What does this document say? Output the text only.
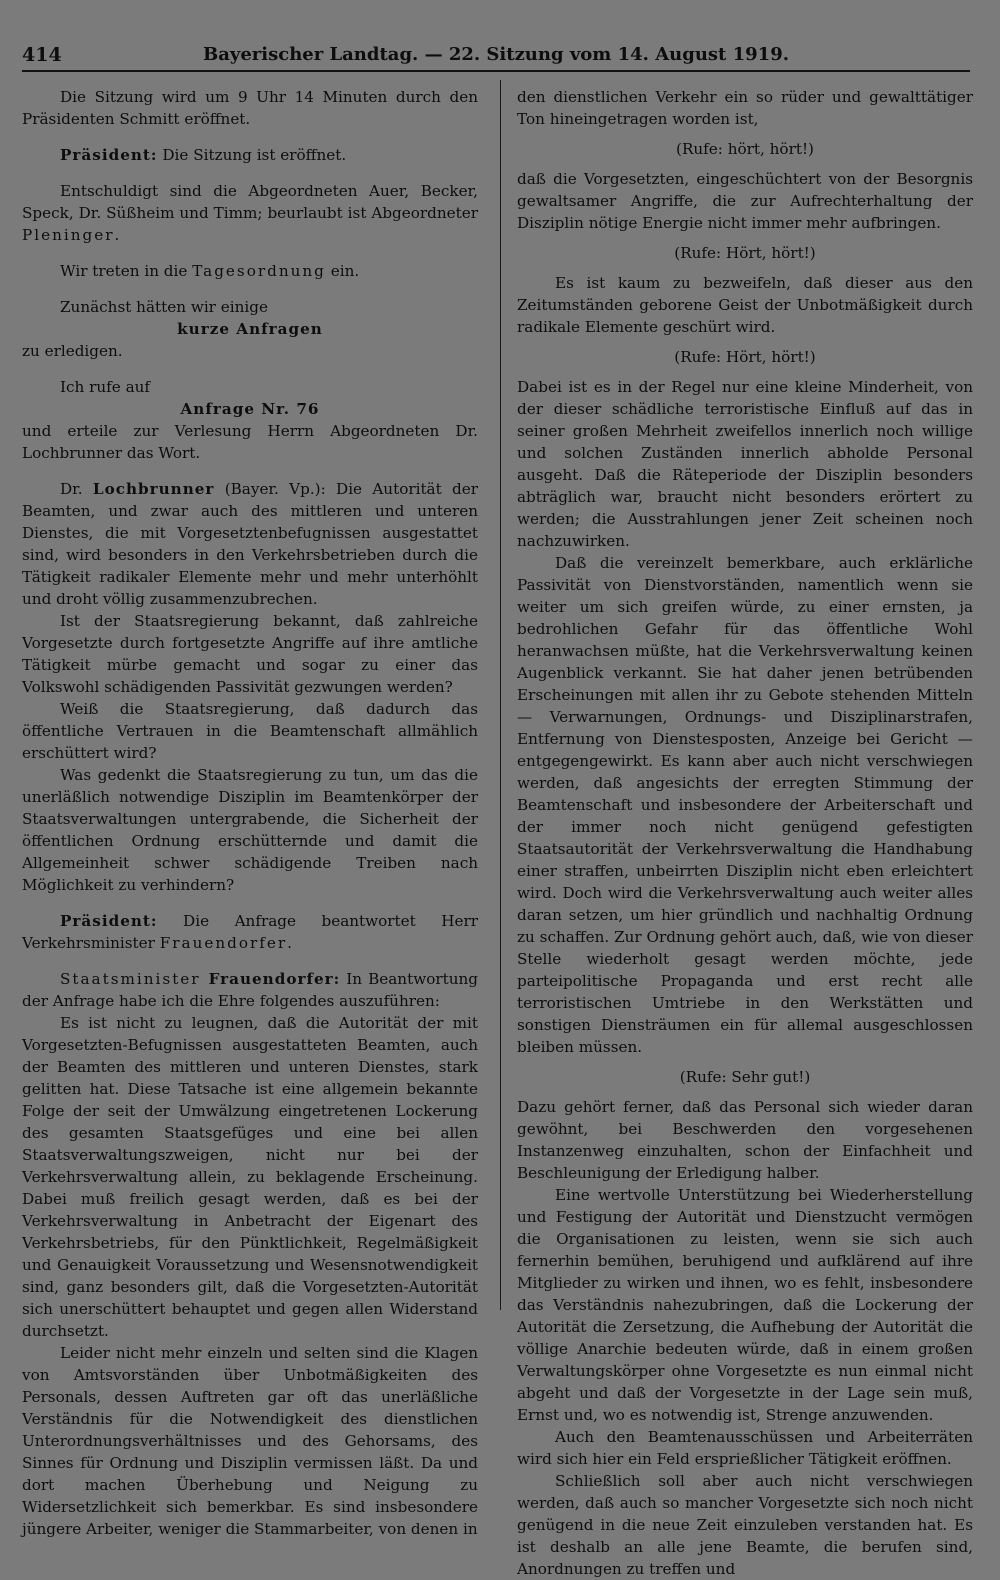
414	Bayerischer Landtag. — 22. Sitzung vom 14. August 1919.

Die Sitzung wird um 9 Uhr 14 Minuten durch den Präsidenten Schmitt eröffnet.

Präsident: Die Sitzung ist eröffnet.

Entschuldigt sind die Abgeordneten Auer, Becker, Speck, Dr. Süßheim und Timm; beurlaubt ist Abgeordneter Pleninger.

Wir treten in die Tagesordnung ein.

Zunächst hätten wir einige

kurze Anfragen

zu erledigen.

Ich rufe auf

Anfrage Nr. 76

und erteile zur Verlesung Herrn Abgeordneten Dr. Lochbrunner das Wort.

Dr. Lochbrunner (Bayer. Vp.): Die Autorität der Beamten, und zwar auch des mittleren und unteren Dienstes, die mit Vorgesetztenbefugnissen ausgestattet sind, wird besonders in den Verkehrsbetrieben durch die Tätigkeit radikaler Elemente mehr und mehr unterhöhlt und droht völlig zusammenzubrechen.

Ist der Staatsregierung bekannt, daß zahlreiche Vorgesetzte durch fortgesetzte Angriffe auf ihre amtliche Tätigkeit mürbe gemacht und sogar zu einer das Volkswohl schädigenden Passivität gezwungen werden?

Weiß die Staatsregierung, daß dadurch das öffentliche Vertrauen in die Beamtenschaft allmählich erschüttert wird?

Was gedenkt die Staatsregierung zu tun, um das die unerläßlich notwendige Disziplin im Beamtenkörper der Staatsverwaltungen untergrabende, die Sicherheit der öffentlichen Ordnung erschütternde und damit die Allgemeinheit schwer schädigende Treiben nach Möglichkeit zu verhindern?

Präsident: Die Anfrage beantwortet Herr Verkehrsminister Frauendorfer.

Staatsminister Frauendorfer: In Beantwortung der Anfrage habe ich die Ehre folgendes auszuführen:

Es ist nicht zu leugnen, daß die Autorität der mit Vorgesetzten-Befugnissen ausgestatteten Beamten, auch der Beamten des mittleren und unteren Dienstes, stark gelitten hat. Diese Tatsache ist eine allgemein bekannte Folge der seit der Umwälzung eingetretenen Lockerung des gesamten Staatsgefüges und eine bei allen Staatsverwaltungszweigen, nicht nur bei der Verkehrsverwaltung allein, zu beklagende Erscheinung. Dabei muß freilich gesagt werden, daß es bei der Verkehrsverwaltung in Anbetracht der Eigenart des Verkehrsbetriebs, für den Pünktlichkeit, Regelmäßigkeit und Genauigkeit Voraussetzung und Wesensnotwendigkeit sind, ganz besonders gilt, daß die Vorgesetzten-Autorität sich unerschüttert behauptet und gegen allen Widerstand durchsetzt.

Leider nicht mehr einzeln und selten sind die Klagen von Amtsvorständen über Unbotmäßigkeiten des Personals, dessen Auftreten gar oft das unerläßliche Verständnis für die Notwendigkeit des dienstlichen Unterordnungsverhältnisses und des Gehorsams, des Sinnes für Ordnung und Disziplin vermissen läßt. Da und dort machen Überhebung und Neigung zu Widersetzlichkeit sich bemerkbar. Es sind insbesondere jüngere Arbeiter, weniger die Stammarbeiter, von denen in

den dienstlichen Verkehr ein so rüder und gewalttätiger Ton hineingetragen worden ist,

(Rufe: hört, hört!)

daß die Vorgesetzten, eingeschüchtert von der Besorgnis gewaltsamer Angriffe, die zur Aufrechterhaltung der Disziplin nötige Energie nicht immer mehr aufbringen.

(Rufe: Hört, hört!)

Es ist kaum zu bezweifeln, daß dieser aus den Zeitumständen geborene Geist der Unbotmäßigkeit durch radikale Elemente geschürt wird.

(Rufe: Hört, hört!)

Dabei ist es in der Regel nur eine kleine Minderheit, von der dieser schädliche terroristische Einfluß auf das in seiner großen Mehrheit zweifellos innerlich noch willige und solchen Zuständen innerlich abholde Personal ausgeht. Daß die Räteperiode der Disziplin besonders abträglich war, braucht nicht besonders erörtert zu werden; die Ausstrahlungen jener Zeit scheinen noch nachzuwirken.

Daß die vereinzelt bemerkbare, auch erklärliche Passivität von Dienstvorständen, namentlich wenn sie weiter um sich greifen würde, zu einer ernsten, ja bedrohlichen Gefahr für das öffentliche Wohl heranwachsen müßte, hat die Verkehrsverwaltung keinen Augenblick verkannt. Sie hat daher jenen betrübenden Erscheinungen mit allen ihr zu Gebote stehenden Mitteln — Verwarnungen, Ordnungs- und Disziplinarstrafen, Entfernung von Dienstesposten, Anzeige bei Gericht — entgegengewirkt. Es kann aber auch nicht verschwiegen werden, daß angesichts der erregten Stimmung der Beamtenschaft und insbesondere der Arbeiterschaft und der immer noch nicht genügend gefestigten Staatsautorität der Verkehrsverwaltung die Handhabung einer straffen, unbeirrten Disziplin nicht eben erleichtert wird. Doch wird die Verkehrsverwaltung auch weiter alles daran setzen, um hier gründlich und nachhaltig Ordnung zu schaffen. Zur Ordnung gehört auch, daß, wie von dieser Stelle wiederholt gesagt werden möchte, jede parteipolitische Propaganda und erst recht alle terroristischen Umtriebe in den Werkstätten und sonstigen Diensträumen ein für allemal ausgeschlossen bleiben müssen.

(Rufe: Sehr gut!)

Dazu gehört ferner, daß das Personal sich wieder daran gewöhnt, bei Beschwerden den vorgesehenen Instanzenweg einzuhalten, schon der Einfachheit und Beschleunigung der Erledigung halber.

Eine wertvolle Unterstützung bei Wiederherstellung und Festigung der Autorität und Dienstzucht vermögen die Organisationen zu leisten, wenn sie sich auch fernerhin bemühen, beruhigend und aufklärend auf ihre Mitglieder zu wirken und ihnen, wo es fehlt, insbesondere das Verständnis nahezubringen, daß die Lockerung der Autorität die Zersetzung, die Aufhebung der Autorität die völlige Anarchie bedeuten würde, daß in einem großen Verwaltungskörper ohne Vorgesetzte es nun einmal nicht abgeht und daß der Vorgesetzte in der Lage sein muß, Ernst und, wo es notwendig ist, Strenge anzuwenden.

Auch den Beamtenausschüssen und Arbeiterräten wird sich hier ein Feld ersprießlicher Tätigkeit eröffnen.

Schließlich soll aber auch nicht verschwiegen werden, daß auch so mancher Vorgesetzte sich noch nicht genügend in die neue Zeit einzuleben verstanden hat. Es ist deshalb an alle jene Beamte, die berufen sind, Anordnungen zu treffen und
